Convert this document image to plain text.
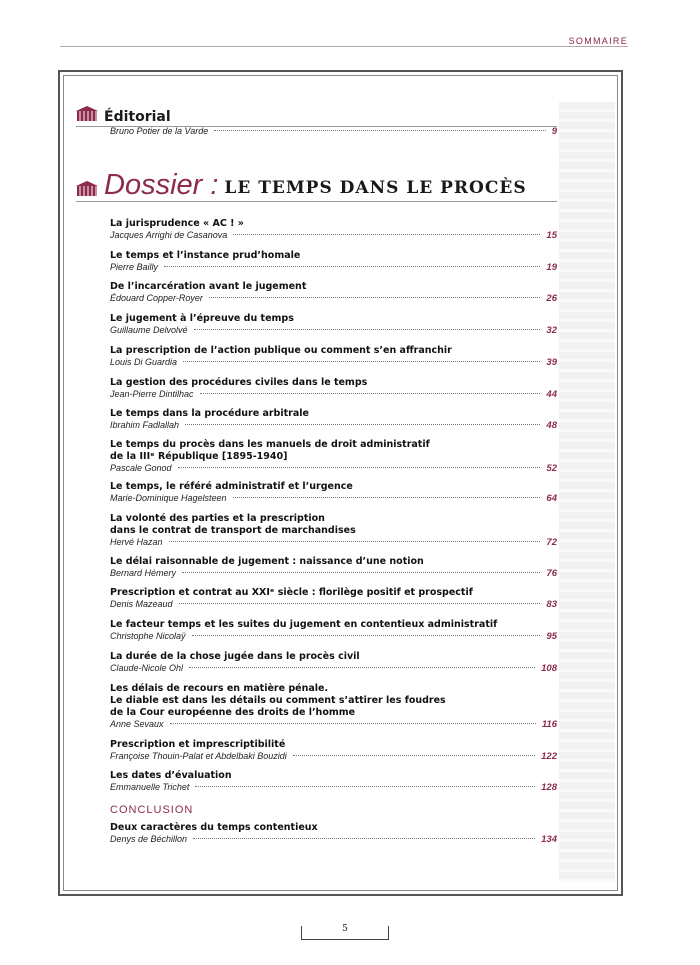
SOMMAIRE
Éditorial
Bruno Potier de la Varde	9
Dossier : LE TEMPS DANS LE PROCÈS
La jurisprudence « AC ! »
Jacques Arrighi de Casanova	15
Le temps et l’instance prud’homale
Pierre Bailly	19
De l’incarcération avant le jugement
Édouard Copper-Royer	26
Le jugement à l’épreuve du temps
Guillaume Delvolvé	32
La prescription de l’action publique ou comment s’en affranchir
Louis Di Guardia	39
La gestion des procédures civiles dans le temps
Jean-Pierre Dintilhac	44
Le temps dans la procédure arbitrale
Ibrahim Fadlallah	48
Le temps du procès dans les manuels de droit administratif
de la IIIᵉ République [1895-1940]
Pascale Gonod	52
Le temps, le référé administratif et l’urgence
Marie-Dominique Hagelsteen	64
La volonté des parties et la prescription
dans le contrat de transport de marchandises
Hervé Hazan	72
Le délai raisonnable de jugement : naissance d’une notion
Bernard Hémery	76
Prescription et contrat au XXIᵉ siècle : florilège positif et prospectif
Denis Mazeaud	83
Le facteur temps et les suites du jugement en contentieux administratif
Christophe Nicolaÿ	95
La durée de la chose jugée dans le procès civil
Claude-Nicole Ohl	108
Les délais de recours en matière pénale.
Le diable est dans les détails ou comment s’attirer les foudres
de la Cour européenne des droits de l’homme
Anne Sevaux	116
Prescription et imprescriptibilité
Françoise Thouin-Palat et Abdelbaki Bouzidi	122
Les dates d’évaluation
Emmanuelle Trichet	128
CONCLUSION
Deux caractères du temps contentieux
Denys de Béchillon	134
5
